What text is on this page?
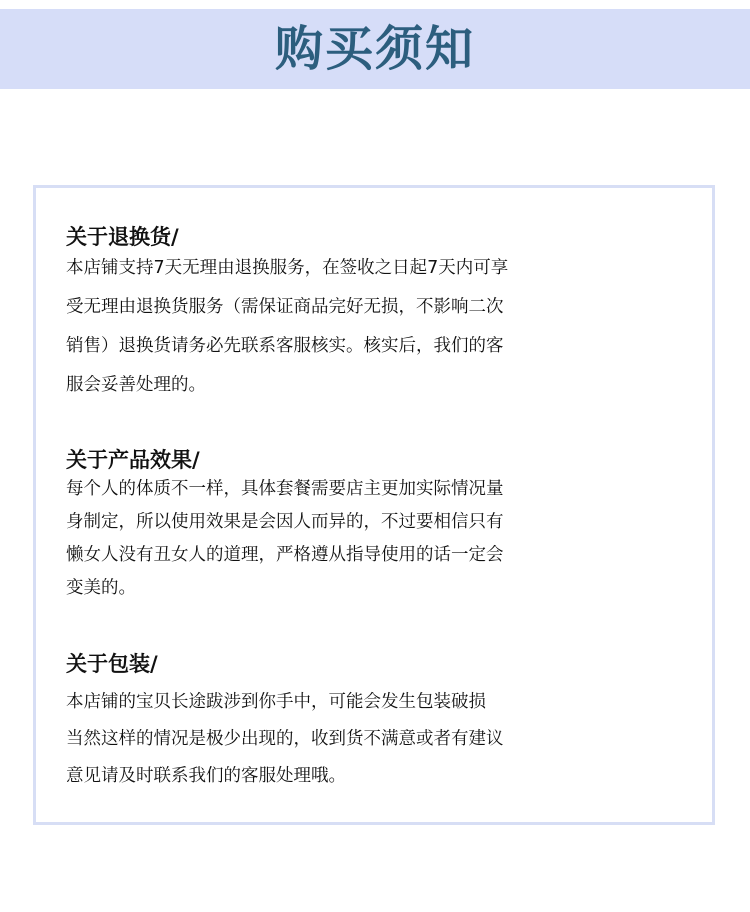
购买须知
关于退换货/
本店铺支持7天无理由退换服务，在签收之日起7天内可享
受无理由退换货服务（需保证商品完好无损，不影响二次
销售）退换货请务必先联系客服核实。核实后，我们的客
服会妥善处理的。
关于产品效果/
每个人的体质不一样，具体套餐需要店主更加实际情况量
身制定，所以使用效果是会因人而异的，不过要相信只有
懒女人没有丑女人的道理，严格遵从指导使用的话一定会
变美的。
关于包装/
本店铺的宝贝长途跋涉到你手中，可能会发生包装破损
当然这样的情况是极少出现的，收到货不满意或者有建议
意见请及时联系我们的客服处理哦。
